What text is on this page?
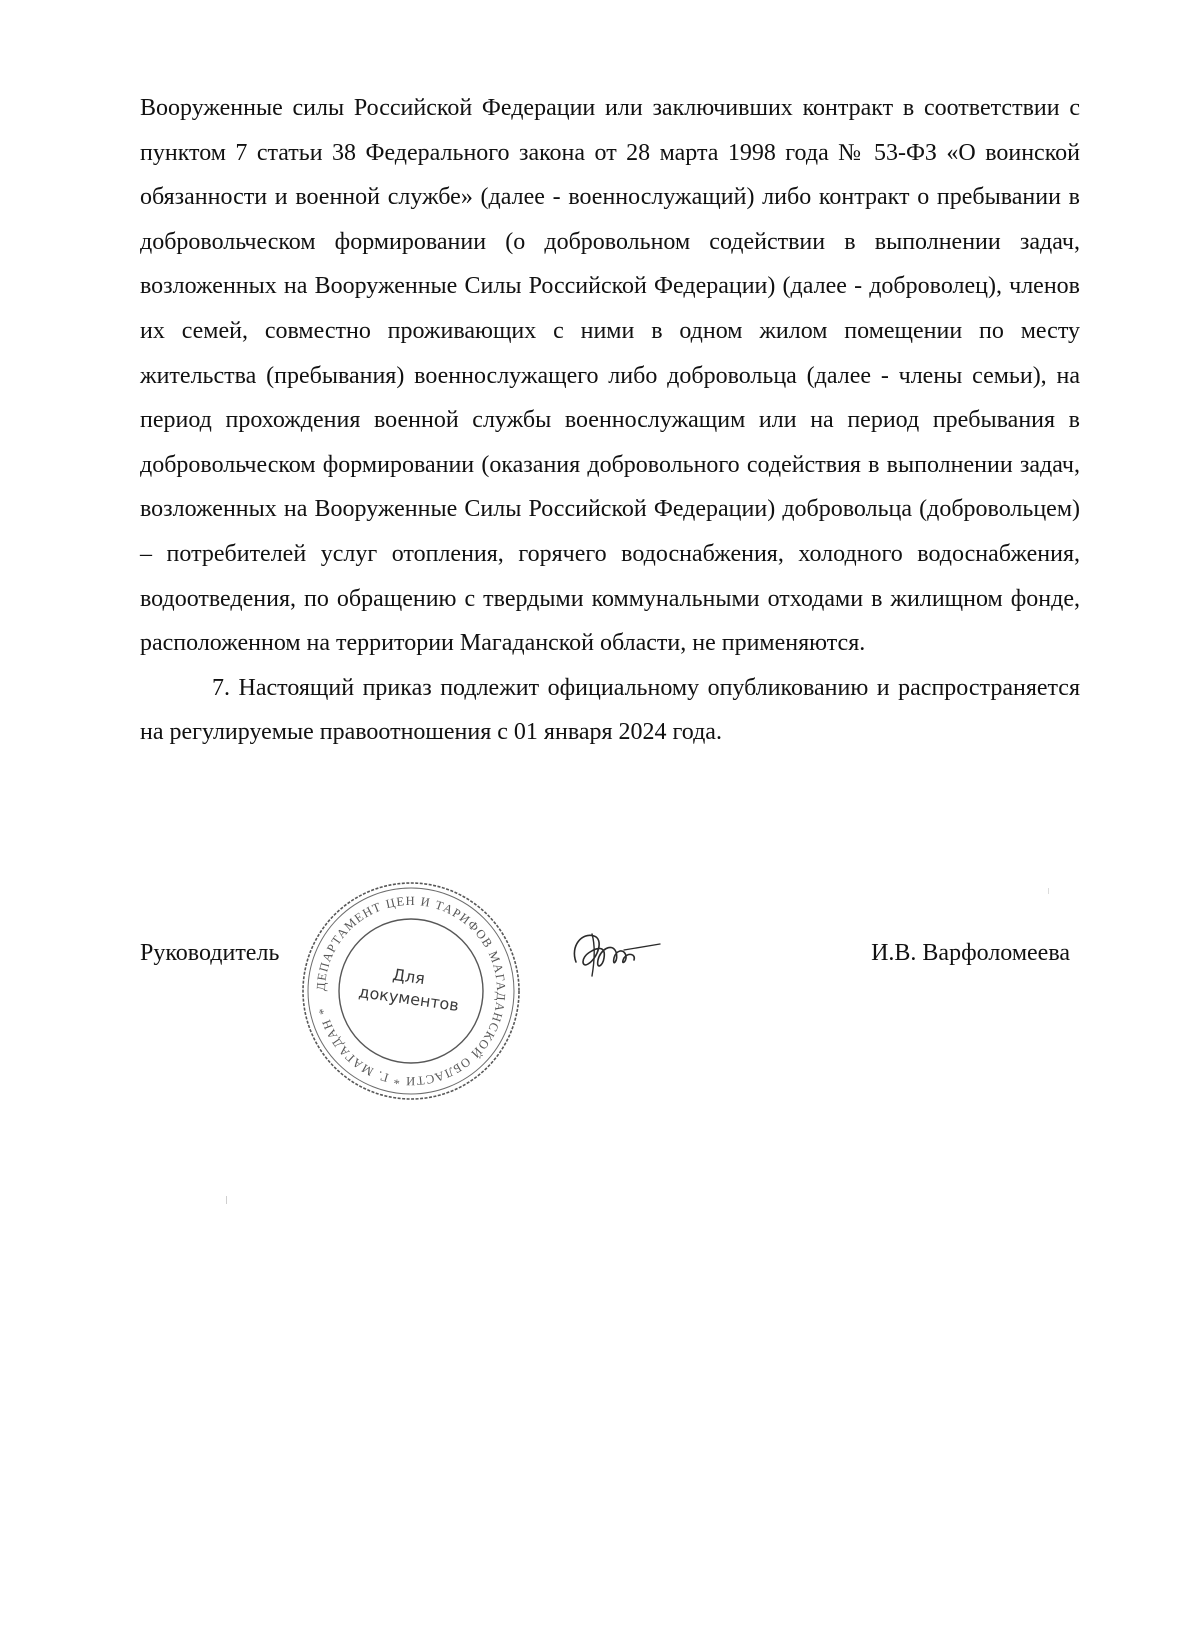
Вооруженные силы Российской Федерации или заключивших контракт в соответствии с пунктом 7 статьи 38 Федерального закона от 28 марта 1998 года № 53-ФЗ «О воинской обязанности и военной службе» (далее - военнослужащий) либо контракт о пребывании в добровольческом формировании (о добровольном содействии в выполнении задач, возложенных на Вооруженные Силы Российской Федерации) (далее - доброволец), членов их семей, совместно проживающих с ними в одном жилом помещении по месту жительства (пребывания) военнослужащего либо добровольца (далее - члены семьи), на период прохождения военной службы военнослужащим или на период пребывания в добровольческом формировании (оказания добровольного содействия в выполнении задач, возложенных на Вооруженные Силы Российской Федерации) добровольца (добровольцем) – потребителей услуг отопления, горячего водоснабжения, холодного водоснабжения, водоотведения, по обращению с твердыми коммунальными отходами в жилищном фонде, расположенном на территории Магаданской области, не применяются.

7. Настоящий приказ подлежит официальному опубликованию и распространяется на регулируемые правоотношения с 01 января 2024 года.

Руководитель	И.В. Варфоломеева
ДЕПАРТАМЕНТ ЦЕН И ТАРИФОВ МАГАДАНСКОЙ ОБЛАСТИ * Г. МАГАДАН *
Для
документов
